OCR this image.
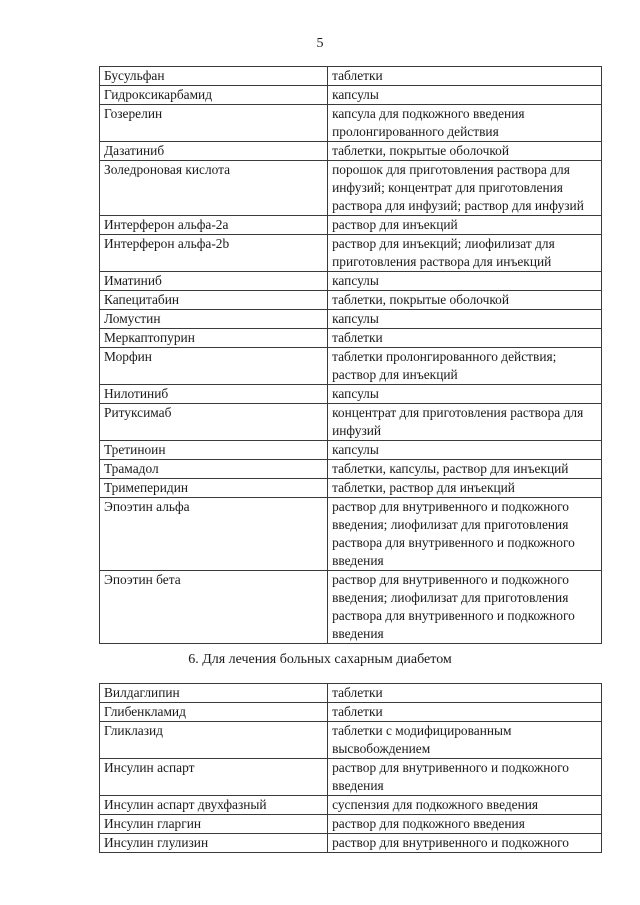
5
Бусульфан	таблетки
Гидроксикарбамид	капсулы
Гозерелин	капсула для подкожного введения пролонгированного действия
Дазатиниб	таблетки, покрытые оболочкой
Золедроновая кислота	порошок для приготовления раствора для инфузий; концентрат для приготовления раствора для инфузий; раствор для инфузий
Интерферон альфа-2a	раствор для инъекций
Интерферон альфа-2b	раствор для инъекций; лиофилизат для приготовления раствора для инъекций
Иматиниб	капсулы
Капецитабин	таблетки, покрытые оболочкой
Ломустин	капсулы
Меркаптопурин	таблетки
Морфин	таблетки пролонгированного действия; раствор для инъекций
Нилотиниб	капсулы
Ритуксимаб	концентрат для приготовления раствора для инфузий
Третиноин	капсулы
Трамадол	таблетки, капсулы, раствор для инъекций
Тримеперидин	таблетки, раствор для инъекций
Эпоэтин альфа	раствор для внутривенного и подкожного введения; лиофилизат для приготовления раствора для внутривенного и подкожного введения
Эпоэтин бета	раствор для внутривенного и подкожного введения; лиофилизат для приготовления раствора для внутривенного и подкожного введения
6. Для лечения больных сахарным диабетом
Вилдаглипин	таблетки
Глибенкламид	таблетки
Гликлазид	таблетки с модифицированным высвобождением
Инсулин аспарт	раствор для внутривенного и подкожного введения
Инсулин аспарт двухфазный	суспензия для подкожного введения
Инсулин гларгин	раствор для подкожного введения
Инсулин глулизин	раствор для внутривенного и подкожного
